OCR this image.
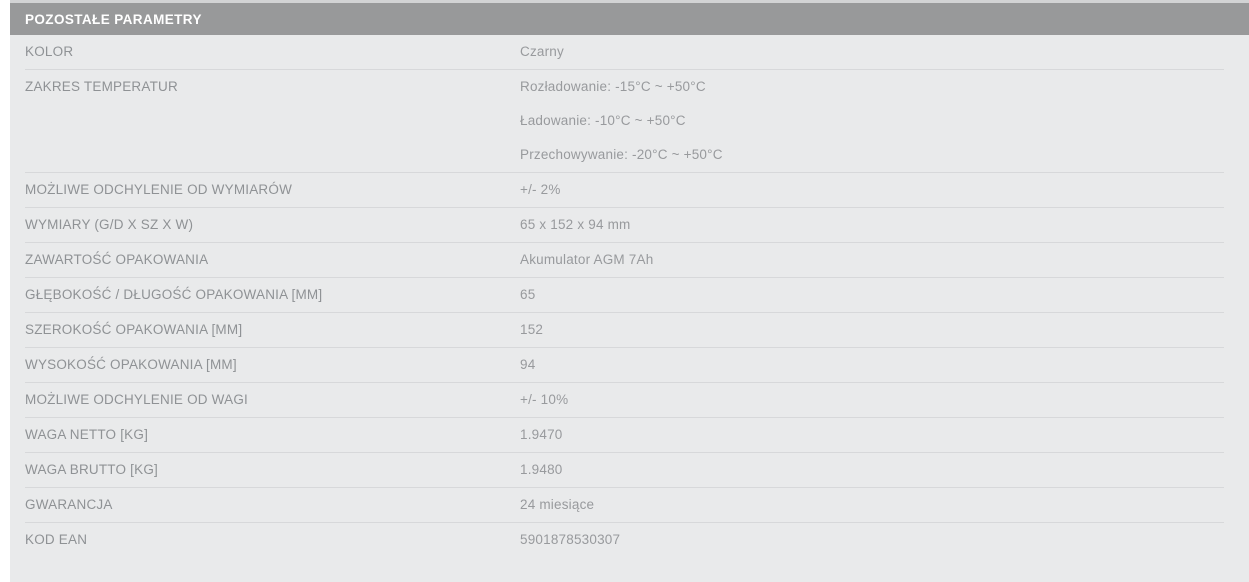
POZOSTAŁE PARAMETRY
KOLOR	Czarny
ZAKRES TEMPERATUR	Rozładowanie: -15°C ~ +50°C
Ładowanie: -10°C ~ +50°C
Przechowywanie: -20°C ~ +50°C
MOŻLIWE ODCHYLENIE OD WYMIARÓW	+/- 2%
WYMIARY (G/D X SZ X W)	65 x 152 x 94 mm
ZAWARTOŚĆ OPAKOWANIA	Akumulator AGM 7Ah
GŁĘBOKOŚĆ / DŁUGOŚĆ OPAKOWANIA [MM]	65
SZEROKOŚĆ OPAKOWANIA [MM]	152
WYSOKOŚĆ OPAKOWANIA [MM]	94
MOŻLIWE ODCHYLENIE OD WAGI	+/- 10%
WAGA NETTO [KG]	1.9470
WAGA BRUTTO [KG]	1.9480
GWARANCJA	24 miesiące
KOD EAN	5901878530307
